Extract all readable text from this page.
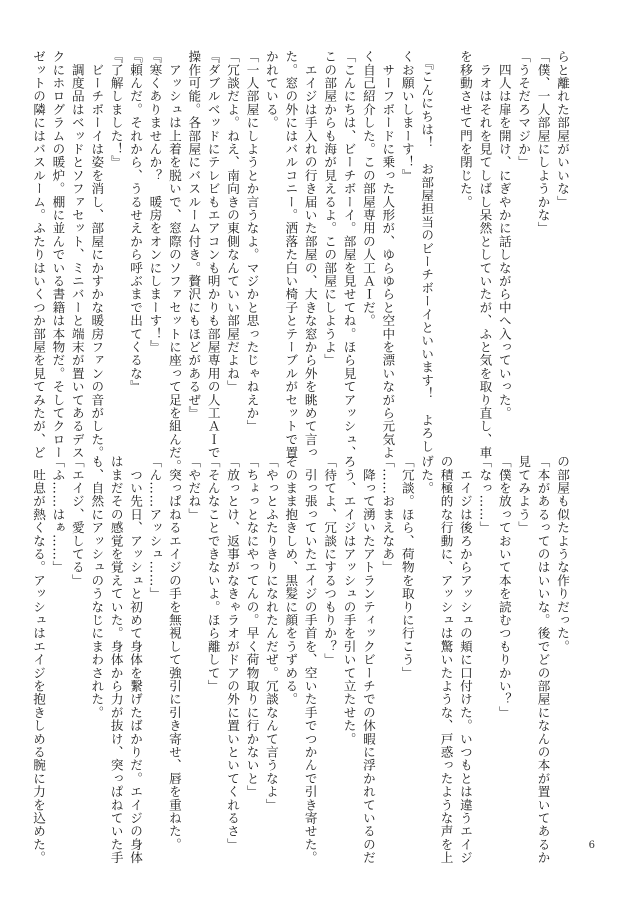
らと離れた部屋がいいな」
「僕、一人部屋にしようかな」
「うそだろマジか」
　四人は扉を開け、にぎやかに話しながら中へ入っていった。
　ラオはそれを見てしばし呆然としていたが、ふと気を取り直し、車
を移動させて門を閉じた。

　『こんにちは！　お部屋担当のビーチボーイといいます！　よろし
くお願いしまーす！』
　サーフボードに乗った人形が、ゆらゆらと空中を漂いながら元気よ
く自己紹介した。この部屋専用の人工ＡＩだ。
「こんにちは、ビーチボーイ。部屋を見せてね。ほら見てアッシュ、
この部屋からも海が見えるよ。この部屋にしようよ」
　エイジは手入れの行き届いた部屋の、大きな窓から外を眺めて言っ
た。窓の外にはバルコニー。洒落た白い椅子とテーブルがセットで置
かれている。
「一人部屋にしようとか言うなよ。マジかと思ったじゃねえか」
「冗談だよ。ねえ、南向きの東側なんていい部屋だよね」
『ダブルベッドにテレビもエアコンも明かりも部屋専用の人工ＡＩで
操作可能。各部屋にバスルーム付き。贅沢にもほどがあるぜ』
　アッシュは上着を脱いで、窓際のソファセットに座って足を組んだ。
『寒くありませんか？　暖房をオンにしまーす！』
『頼んだ。それから、うるせえから呼ぶまで出てくるな』
『了解しました！』
　ビーチボーイは姿を消し、部屋にかすかな暖房ファンの音がした。
　調度品はベッドとソファセット、ミニバーと端末が置いてあるデス
クにホログラムの暖炉。棚に並んでいる書籍は本物だ。そしてクロー
ゼットの隣にはバスルーム。ふたりはいくつか部屋を見てみたが、ど
の部屋も似たような作りだった。
「本があるってのはいいな。後でどの部屋になんの本が置いてあるか
見てみよう」
「僕を放っておいて本を読むつもりかい？」
「なっ……」
　エイジは後ろからアッシュの頬に口付けた。いつもとは違うエイジ
の積極的な行動に、アッシュは驚いたような、戸惑ったような声を上
げた。
「冗談。ほら、荷物を取りに行こう」
「……おまえなあ」
　降って湧いたアトランティックビーチでの休暇に浮かれているのだ
ろう、エイジはアッシュの手を引いて立たせた。
「待てよ、冗談にするつもりか？」
　引っ張っていたエイジの手首を、空いた手でつかんで引き寄せた。
そのまま抱きしめ、黒髪に顔をうずめる。
「やっとふたりきりになれたんだぜ。冗談なんて言うなよ」
「ちょっとなにやってんの。早く荷物取りに行かないと」
「放っとけ、返事がなきゃラオがドアの外に置いといてくれるさ」
「そんなことできないよ。ほら離して」
「やだね」
　突っぱねるエイジの手を無視して強引に引き寄せ、唇を重ねた。
「ん……アッシュ……」
　つい先日、アッシュと初めて身体を繋げたばかりだ。エイジの身体
はまだその感覚を覚えていた。身体から力が抜け、突っぱねていた手
も、自然にアッシュのうなじにまわされた。
「エイジ、愛してる」
「ふ……はぁ……」
　吐息が熱くなる。アッシュはエイジを抱きしめる腕に力を込めた。	6
